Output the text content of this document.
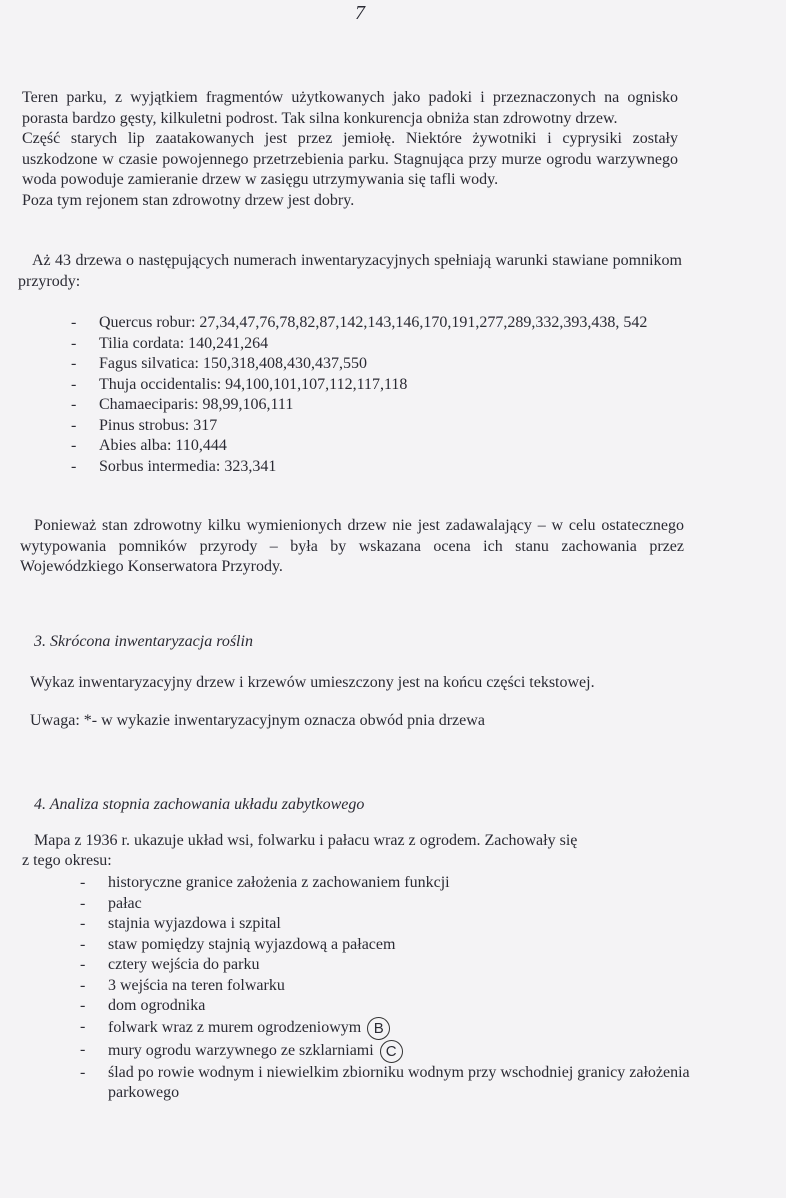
7
Teren parku, z wyjątkiem fragmentów użytkowanych jako padoki i przeznaczonych na ognisko porasta bardzo gęsty, kilkuletni podrost. Tak silna konkurencja obniża stan zdrowotny drzew.
Część starych lip zaatakowanych jest przez jemiołę. Niektóre żywotniki i cyprysiki zostały uszkodzone w czasie powojennego przetrzebienia parku. Stagnująca przy murze ogrodu warzywnego woda powoduje zamieranie drzew w zasięgu utrzymywania się tafli wody.
Poza tym rejonem stan zdrowotny drzew jest dobry.
Aż 43 drzewa o następujących numerach inwentaryzacyjnych spełniają warunki stawiane pomnikom przyrody:
- Quercus robur: 27,34,47,76,78,82,87,142,143,146,170,191,277,289,332,393,438, 542
- Tilia cordata: 140,241,264
- Fagus silvatica: 150,318,408,430,437,550
- Thuja occidentalis: 94,100,101,107,112,117,118
- Chamaeciparis: 98,99,106,111
- Pinus strobus: 317
- Abies alba: 110,444
- Sorbus intermedia: 323,341
Ponieważ stan zdrowotny kilku wymienionych drzew nie jest zadawalający – w celu ostatecznego wytypowania pomników przyrody – była by wskazana ocena ich stanu zachowania przez Wojewódzkiego Konserwatora Przyrody.
3. Skrócona inwentaryzacja roślin
Wykaz inwentaryzacyjny drzew i krzewów umieszczony jest na końcu części tekstowej.
Uwaga: *- w wykazie inwentaryzacyjnym oznacza obwód pnia drzewa
4. Analiza stopnia zachowania układu zabytkowego
Mapa z 1936 r. ukazuje układ wsi, folwarku i pałacu wraz z ogrodem. Zachowały się
z tego okresu:
- historyczne granice założenia z zachowaniem funkcji
- pałac
- stajnia wyjazdowa i szpital
- staw pomiędzy stajnią wyjazdową a pałacem
- cztery wejścia do parku
- 3 wejścia na teren folwarku
- dom ogrodnika
- folwark wraz z murem ogrodzeniowym B
- mury ogrodu warzywnego ze szklarniami C
- ślad po rowie wodnym i niewielkim zbiorniku wodnym przy wschodniej granicy założenia parkowego
